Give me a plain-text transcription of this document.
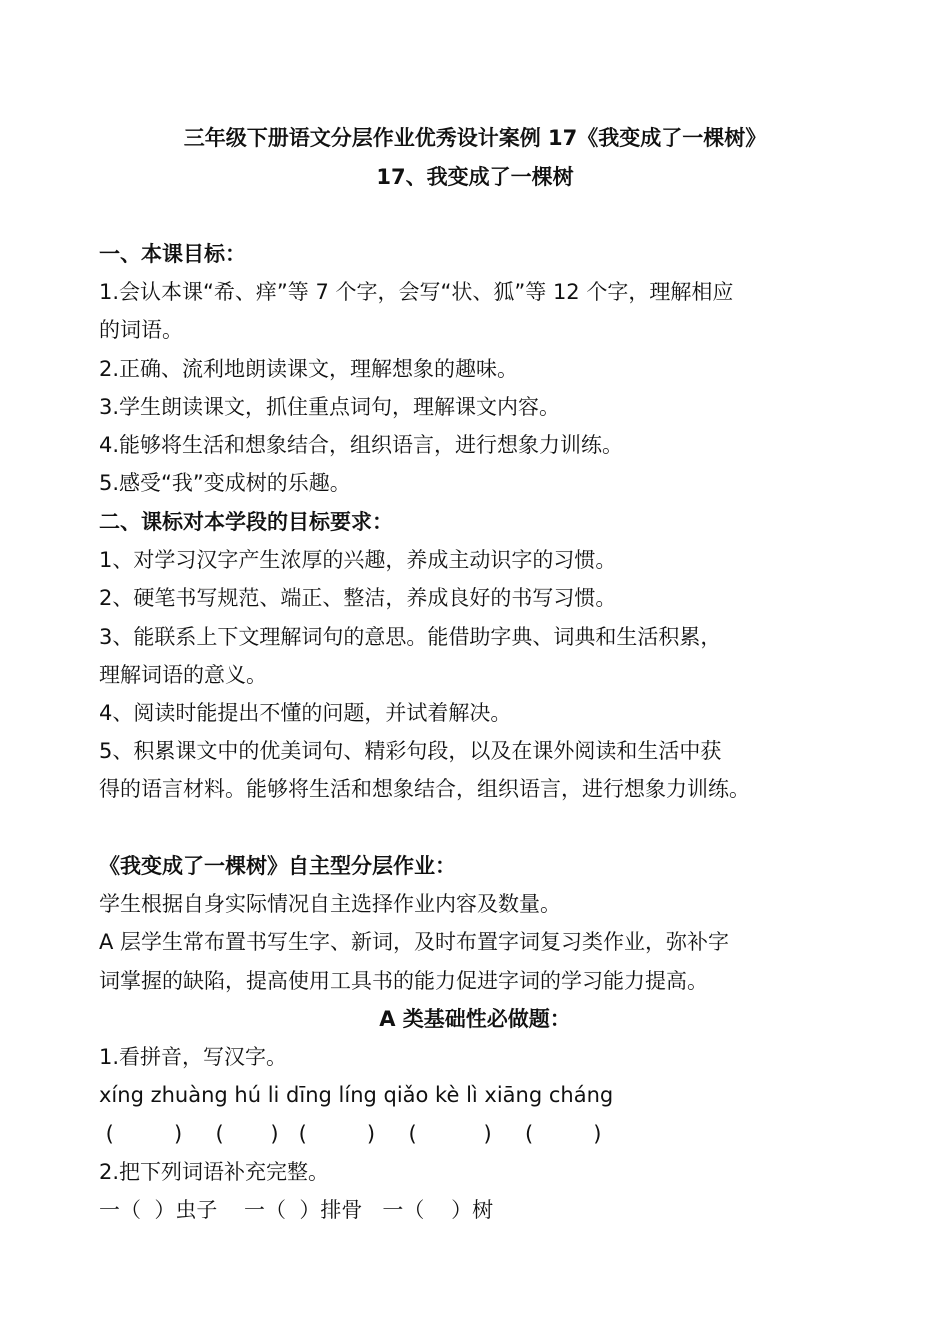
三年级下册语文分层作业优秀设计案例 17《我变成了一棵树》
17、我变成了一棵树
一、本课目标：
1.会认本课“希、痒”等 7 个字，会写“状、狐”等 12 个字，理解相应
的词语。
2.正确、流利地朗读课文，理解想象的趣味。
3.学生朗读课文，抓住重点词句，理解课文内容。
4.能够将生活和想象结合，组织语言，进行想象力训练。
5.感受“我”变成树的乐趣。
二、课标对本学段的目标要求：
1、对学习汉字产生浓厚的兴趣，养成主动识字的习惯。
2、硬笔书写规范、端正、整洁，养成良好的书写习惯。
3、能联系上下文理解词句的意思。能借助字典、词典和生活积累，
理解词语的意义。
4、阅读时能提出不懂的问题，并试着解决。
5、积累课文中的优美词句、精彩句段，以及在课外阅读和生活中获
得的语言材料。能够将生活和想象结合，组织语言，进行想象力训练。
《我变成了一棵树》自主型分层作业：
学生根据自身实际情况自主选择作业内容及数量。
A 层学生常布置书写生字、新词，及时布置字词复习类作业，弥补字
词掌握的缺陷，提高使用工具书的能力促进字词的学习能力提高。
A 类基础性必做题：
1.看拼音，写汉字。
xíng zhuàng hú li dīng líng qiǎo kè lì xiāng cháng
(         )     (       )   (         )     (          )     (         )
2.把下列词语补充完整。
一（  ）虫子    一（  ）排骨   一（    ）树
